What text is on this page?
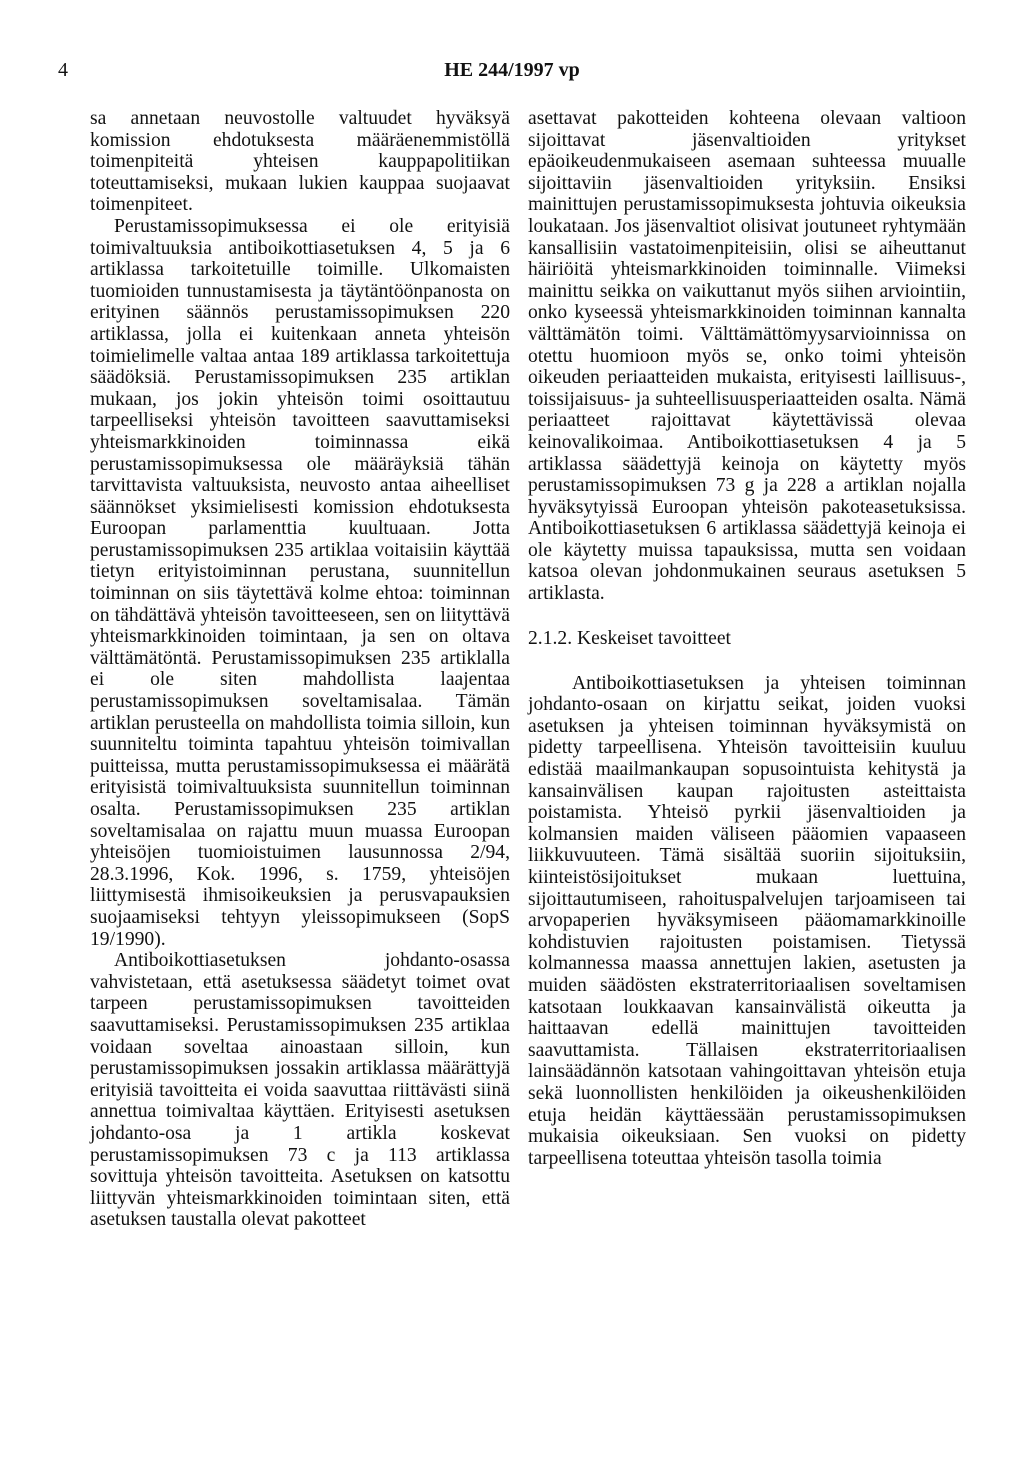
4	HE 244/1997 vp

sa annetaan neuvostolle valtuudet hyväksyä komission ehdotuksesta määräenemmistöllä toimenpiteitä yhteisen kauppapolitiikan toteuttamiseksi, mukaan lukien kauppaa suojaavat toimenpiteet.

Perustamissopimuksessa ei ole erityisiä toimivaltuuksia antiboikottiasetuksen 4, 5 ja 6 artiklassa tarkoitetuille toimille. Ulkomaisten tuomioiden tunnustamisesta ja täytäntöönpanosta on erityinen säännös perustamissopimuksen 220 artiklassa, jolla ei kuitenkaan anneta yhteisön toimielimelle valtaa antaa 189 artiklassa tarkoitettuja säädöksiä. Perustamissopimuksen 235 artiklan mukaan, jos jokin yhteisön toimi osoittautuu tarpeelliseksi yhteisön tavoitteen saavuttamiseksi yhteismarkkinoiden toiminnassa eikä perustamissopimuksessa ole määräyksiä tähän tarvittavista valtuuksista, neuvosto antaa aiheelliset säännökset yksimielisesti komission ehdotuksesta Euroopan parlamenttia kuultuaan. Jotta perustamissopimuksen 235 artiklaa voitaisiin käyttää tietyn erityistoiminnan perustana, suunnitellun toiminnan on siis täytettävä kolme ehtoa: toiminnan on tähdättävä yhteisön tavoitteeseen, sen on liityttävä yhteismarkkinoiden toimintaan, ja sen on oltava välttämätöntä. Perustamissopimuksen 235 artiklalla ei ole siten mahdollista laajentaa perustamissopimuksen soveltamisalaa. Tämän artiklan perusteella on mahdollista toimia silloin, kun suunniteltu toiminta tapahtuu yhteisön toimivallan puitteissa, mutta perustamissopimuksessa ei määrätä erityisistä toimivaltuuksista suunnitellun toiminnan osalta. Perustamissopimuksen 235 artiklan soveltamisalaa on rajattu muun muassa Euroopan yhteisöjen tuomioistuimen lausunnossa 2/94, 28.3.1996, Kok. 1996, s. 1759, yhteisöjen liittymisestä ihmisoikeuksien ja perusvapauksien suojaamiseksi tehtyyn yleissopimukseen (SopS 19/1990).

Antiboikottiasetuksen johdanto-osassa vahvistetaan, että asetuksessa säädetyt toimet ovat tarpeen perustamissopimuksen tavoitteiden saavuttamiseksi. Perustamissopimuksen 235 artiklaa voidaan soveltaa ainoastaan silloin, kun perustamissopimuksen jossakin artiklassa määrättyjä erityisiä tavoitteita ei voida saavuttaa riittävästi siinä annettua toimivaltaa käyttäen. Erityisesti asetuksen johdanto-osa ja 1 artikla koskevat perustamissopimuksen 73 c ja 113 artiklassa sovittuja yhteisön tavoitteita. Asetuksen on katsottu liittyvän yhteismarkkinoiden toimintaan siten, että asetuksen taustalla olevat pakotteet

asettavat pakotteiden kohteena olevaan valtioon sijoittavat jäsenvaltioiden yritykset epäoikeudenmukaiseen asemaan suhteessa muualle sijoittaviin jäsenvaltioiden yrityksiin. Ensiksi mainittujen perustamissopimuksesta johtuvia oikeuksia loukataan. Jos jäsenvaltiot olisivat joutuneet ryhtymään kansallisiin vastatoimenpiteisiin, olisi se aiheuttanut häiriöitä yhteismarkkinoiden toiminnalle. Viimeksi mainittu seikka on vaikuttanut myös siihen arviointiin, onko kyseessä yhteismarkkinoiden toiminnan kannalta välttämätön toimi. Välttämättömyysarvioinnissa on otettu huomioon myös se, onko toimi yhteisön oikeuden periaatteiden mukaista, erityisesti laillisuus-, toissijaisuus- ja suhteellisuusperiaatteiden osalta. Nämä periaatteet rajoittavat käytettävissä olevaa keinovalikoimaa. Antiboikottiasetuksen 4 ja 5 artiklassa säädettyjä keinoja on käytetty myös perustamissopimuksen 73 g ja 228 a artiklan nojalla hyväksytyissä Euroopan yhteisön pakoteasetuksissa. Antiboikottiasetuksen 6 artiklassa säädettyjä keinoja ei ole käytetty muissa tapauksissa, mutta sen voidaan katsoa olevan johdonmukainen seuraus asetuksen 5 artiklasta.

2.1.2. Keskeiset tavoitteet

Antiboikottiasetuksen ja yhteisen toiminnan johdanto-osaan on kirjattu seikat, joiden vuoksi asetuksen ja yhteisen toiminnan hyväksymistä on pidetty tarpeellisena. Yhteisön tavoitteisiin kuuluu edistää maailmankaupan sopusointuista kehitystä ja kansainvälisen kaupan rajoitusten asteittaista poistamista. Yhteisö pyrkii jäsenvaltioiden ja kolmansien maiden väliseen pääomien vapaaseen liikkuvuuteen. Tämä sisältää suoriin sijoituksiin, kiinteistösijoitukset mukaan luettuina, sijoittautumiseen, rahoituspalvelujen tarjoamiseen tai arvopaperien hyväksymiseen pääomamarkkinoille kohdistuvien rajoitusten poistamisen. Tietyssä kolmannessa maassa annettujen lakien, asetusten ja muiden säädösten ekstraterritoriaalisen soveltamisen katsotaan loukkaavan kansainvälistä oikeutta ja haittaavan edellä mainittujen tavoitteiden saavuttamista. Tällaisen ekstraterritoriaalisen lainsäädännön katsotaan vahingoittavan yhteisön etuja sekä luonnollisten henkilöiden ja oikeushenkilöiden etuja heidän käyttäessään perustamissopimuksen mukaisia oikeuksiaan. Sen vuoksi on pidetty tarpeellisena toteuttaa yhteisön tasolla toimia
